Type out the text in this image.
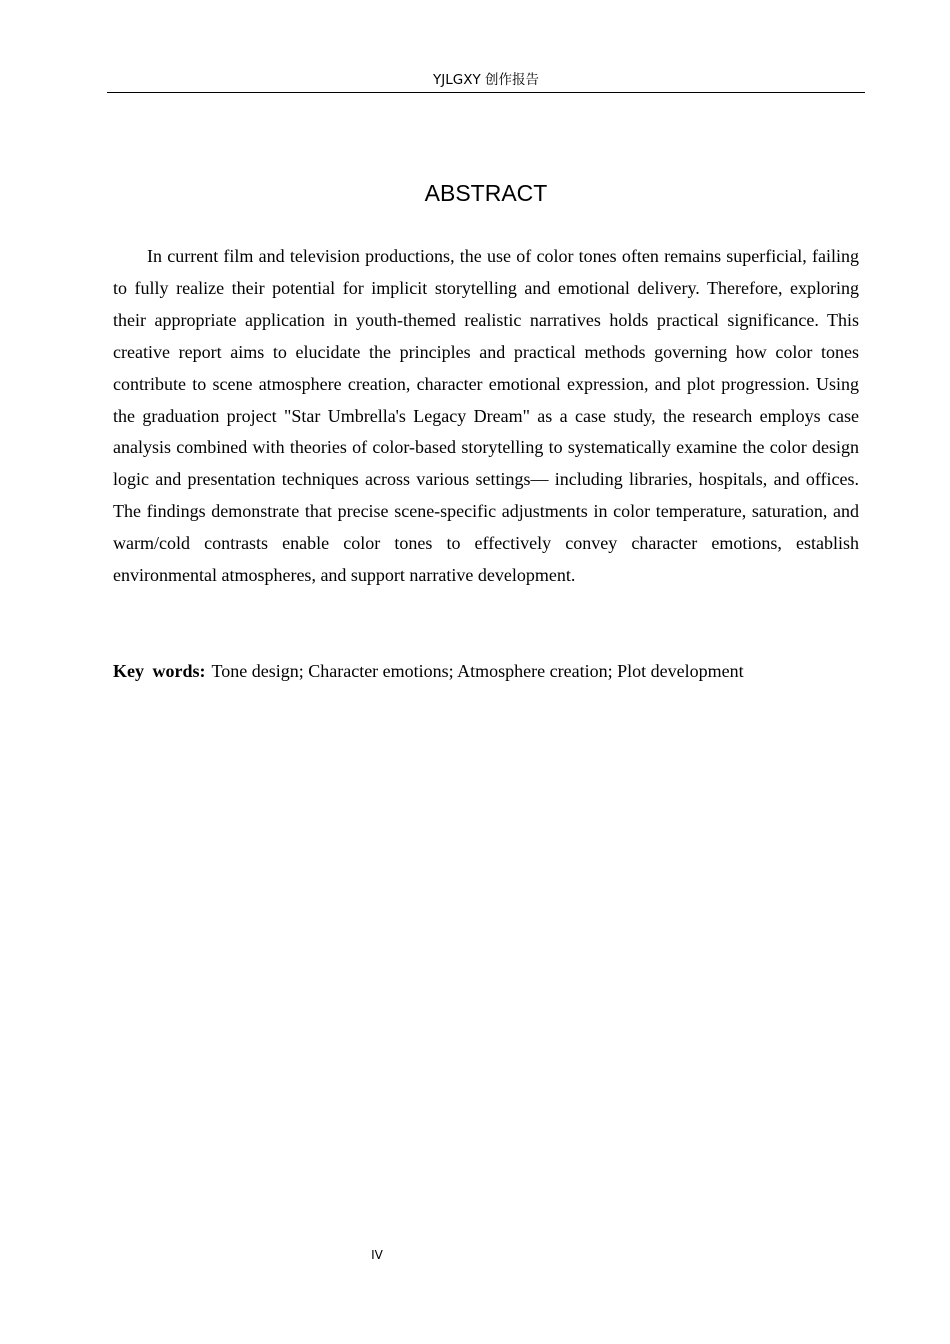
YJLGXY 创作报告
ABSTRACT

In current film and television productions, the use of color tones often remains superficial, failing to fully realize their potential for implicit storytelling and emotional delivery. Therefore, exploring their appropriate application in youth-themed realistic narratives holds practical significance. This creative report aims to elucidate the principles and practical methods governing how color tones contribute to scene atmosphere creation, character emotional expression, and plot progression. Using the graduation project "Star Umbrella's Legacy Dream" as a case study, the research employs case analysis combined with theories of color-based storytelling to systematically examine the color design logic and presentation techniques across various settings— including libraries, hospitals, and offices. The findings demonstrate that precise scene-specific adjustments in color temperature, saturation, and warm/cold contrasts enable color tones to effectively convey character emotions, establish environmental atmospheres, and support narrative development.

Key words: Tone design; Character emotions; Atmosphere creation; Plot development

IV
